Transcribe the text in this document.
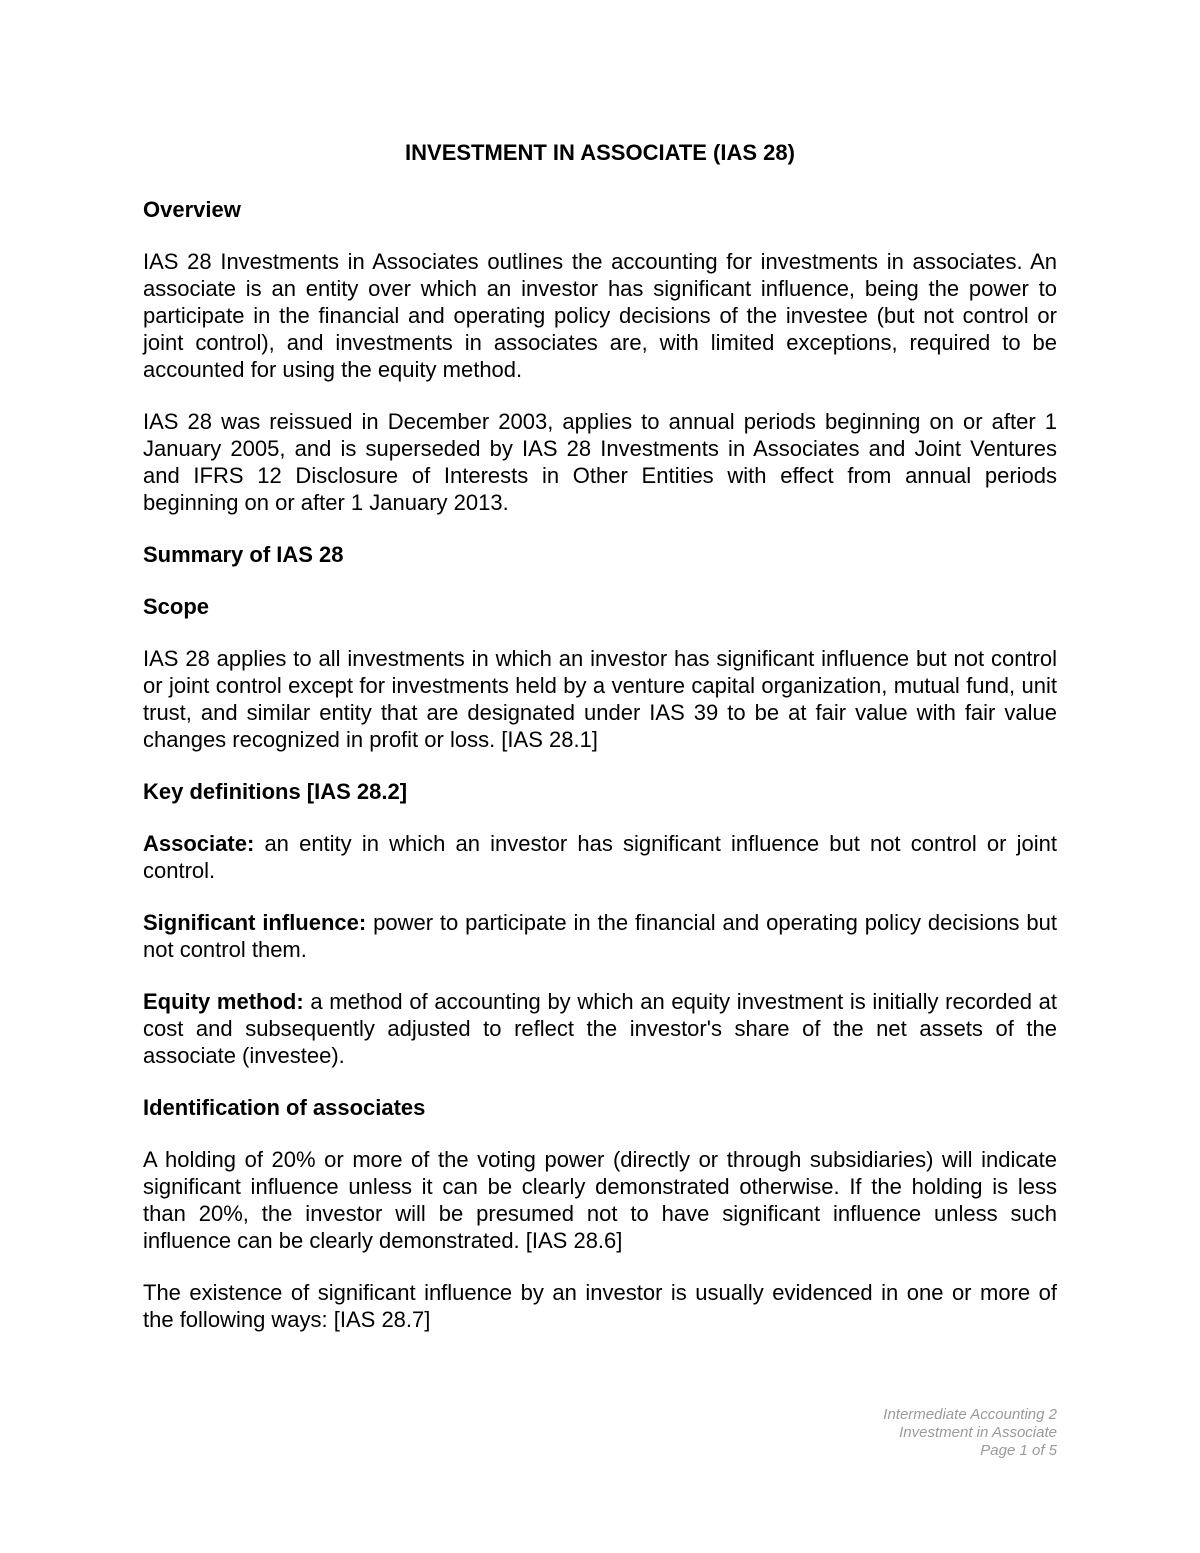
INVESTMENT IN ASSOCIATE (IAS 28)
Overview

IAS 28 Investments in Associates outlines the accounting for investments in associates. An associate is an entity over which an investor has significant influence, being the power to participate in the financial and operating policy decisions of the investee (but not control or joint control), and investments in associates are, with limited exceptions, required to be accounted for using the equity method.

IAS 28 was reissued in December 2003, applies to annual periods beginning on or after 1 January 2005, and is superseded by IAS 28 Investments in Associates and Joint Ventures and IFRS 12 Disclosure of Interests in Other Entities with effect from annual periods beginning on or after 1 January 2013.

Summary of IAS 28
Scope

IAS 28 applies to all investments in which an investor has significant influence but not control or joint control except for investments held by a venture capital organization, mutual fund, unit trust, and similar entity that are designated under IAS 39 to be at fair value with fair value changes recognized in profit or loss. [IAS 28.1]

Key definitions [IAS 28.2]

Associate: an entity in which an investor has significant influence but not control or joint control.

Significant influence: power to participate in the financial and operating policy decisions but not control them.

Equity method: a method of accounting by which an equity investment is initially recorded at cost and subsequently adjusted to reflect the investor's share of the net assets of the associate (investee).

Identification of associates

A holding of 20% or more of the voting power (directly or through subsidiaries) will indicate significant influence unless it can be clearly demonstrated otherwise. If the holding is less than 20%, the investor will be presumed not to have significant influence unless such influence can be clearly demonstrated. [IAS 28.6]

The existence of significant influence by an investor is usually evidenced in one or more of the following ways: [IAS 28.7]

Intermediate Accounting 2
Investment in Associate
Page 1 of 5
